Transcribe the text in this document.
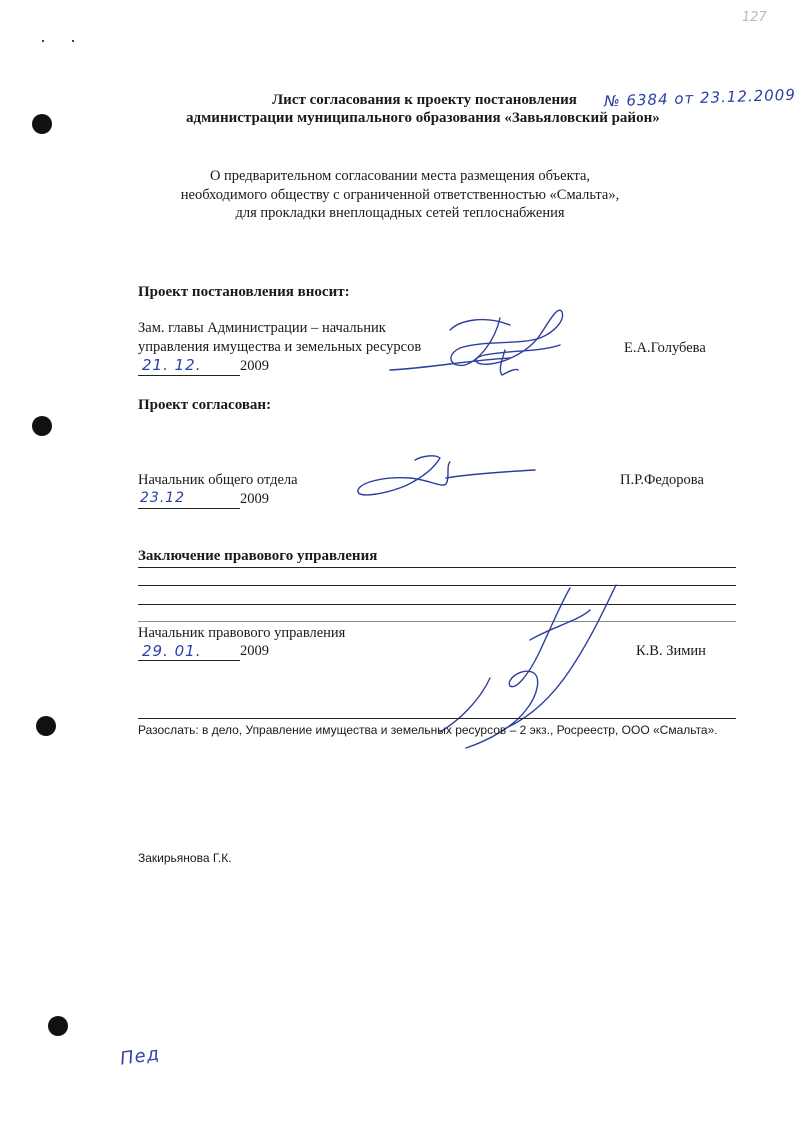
127
Лист согласования к проекту постановления № 6384 от 23.12.2009
администрации муниципального образования «Завьяловский район»
О предварительном согласовании места размещения объекта,
необходимого обществу с ограниченной ответственностью «Смальта»,
для прокладки внеплощадных сетей теплоснабжения
Проект постановления вносит:
Зам. главы Администрации – начальник
управления имущества и земельных ресурсов	Е.А.Голубева
21. 12.	2009
Проект согласован:
Начальник общего отдела	П.Р.Федорова
23.12	2009
Заключение правового управления
Начальник правового управления
29. 01.	2009	К.В. Зимин
Разослать: в дело, Управление имущества и земельных ресурсов – 2 экз., Росреестр, ООО «Смальта».
Закирьянова Г.К.
Пед
